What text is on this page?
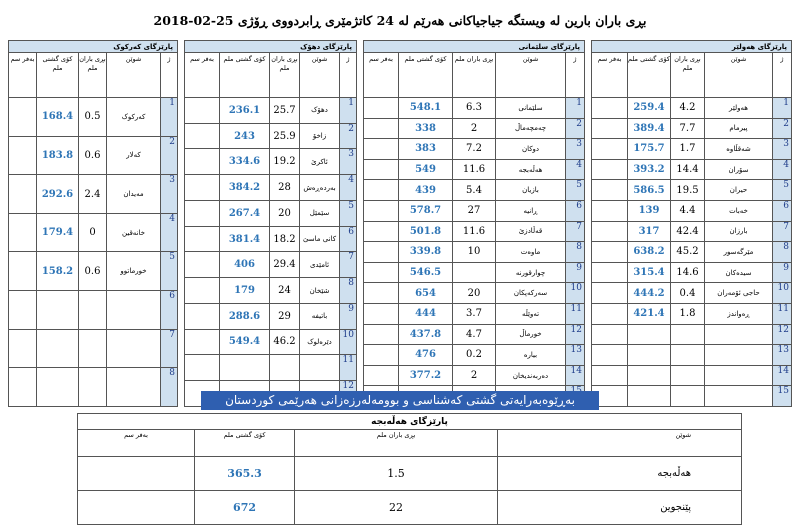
بڕی باران بارین لە ویستگە جیاجیاکانی هەرێم لە 24 کاتژمێری ڕابردووی ڕۆژی 25-02-2018
پارێزگای هەولێر				
ژ	شوێن	بڕی باران ملم	کۆی گشتی ملم	بەفر سم
1	هەولێر	4.2	259.4	
2	پیرمام	7.7	389.4	
3	شەقڵاوە	1.7	175.7	
4	سۆران	14.4	393.2	
5	حیران	19.5	586.5	
6	خەبات	4.4	139	
7	بارزان	42.4	317	
8	مێرگەسور	45.2	638.2	
9	سیدەکان	14.6	315.4	
10	حاجی ئۆمەران	0.4	444.2	
11	ڕەواندز	1.8	421.4	
12				
13				
14				
15				
پارێزگای سلێمانی				
ژ	شوێن	بڕی باران ملم	کۆی گشتی ملم	بەفر سم
1	سلێمانی	6.3	548.1	
2	چەمچەماڵ	2	338	
3	دوکان	7.2	383	
4	هەڵەبجە	11.6	549	
5	بازیان	5.4	439	
6	ڕانیە	27	578.7	
7	قەڵادزێ	11.6	501.8	
8	ماوەت	10	339.8	
9	چوارقورنە		546.5	
10	سەرکەپکان	20	654	
11	تەوێڵە	3.7	444	
12	خورماڵ	4.7	437.8	
13	بیارە	0.2	476	
14	دەربەندیخان	2	377.2	

پارێزگای دهۆک				
ژ	شوێن	بڕی باران ملم	کۆی گشتی ملم	بەفر سم
1	دهۆک	25.7	236.1	
2	زاخۆ	25.9	243	
3	ئاکرێ	19.2	334.6	
4	بەردەڕەش	28	384.2	
5	سێمێل	20	267.4	
6	کانی ماسێ	18.2	381.4	
7	ئامێدی	29.4	406	
8	شێخان	24	179	
9	باتیفە	29	288.6	
10	دێرەلوک	46.2	549.4	
11				
12				
پارێزگای کەرکوک				
ژ	شوێن	بڕی باران ملم	کۆی گشتی ملم	بەفر سم
1	کەرکوک	0.5	168.4	
2	کەلار	0.6	183.8	
3	مەیدان	2.4	292.6	
4	خانەقین	0	179.4	
5	خورماتوو	0.6	158.2	
6				
7				
8				
بەڕێوەبەرایەتی گشتی کەشناسی و بوومەلەرزەزانی هەرێمی کوردستان
پارێزگای هەڵەبجە			
شوێن	بڕی باران ملم	کۆی گشتی ملم	بەفر سم
هەڵەبجە	1.5	365.3	
پێنجوین	22	672	
